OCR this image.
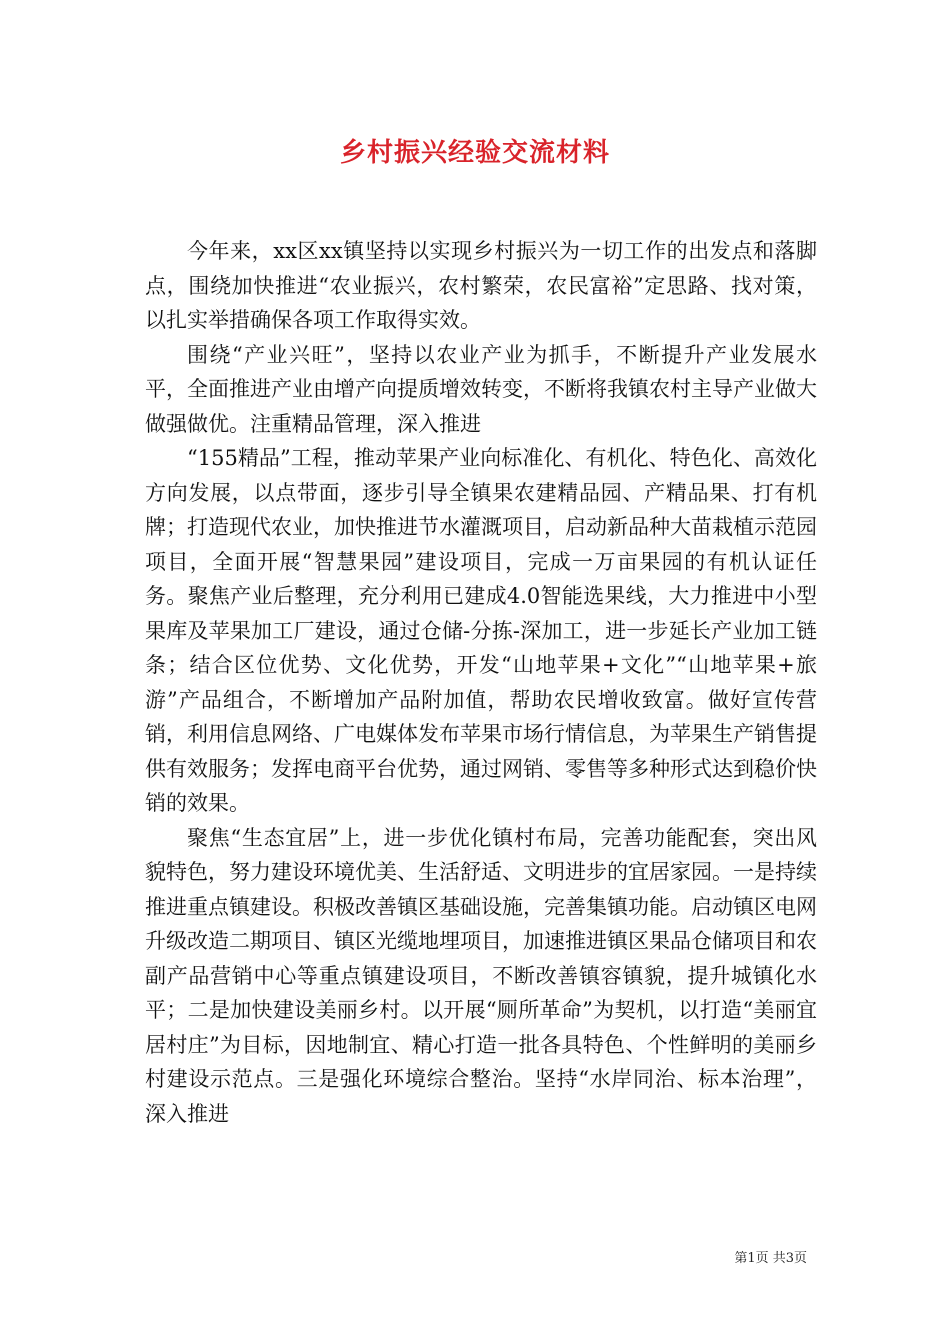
乡村振兴经验交流材料

今年来，xx区xx镇坚持以实现乡村振兴为一切工作的出发点和落脚点，围绕加快推进“农业振兴，农村繁荣，农民富裕”定思路、找对策，以扎实举措确保各项工作取得实效。

围绕“产业兴旺”，坚持以农业产业为抓手，不断提升产业发展水平，全面推进产业由增产向提质增效转变，不断将我镇农村主导产业做大做强做优。注重精品管理，深入推进

“155精品”工程，推动苹果产业向标准化、有机化、特色化、高效化方向发展，以点带面，逐步引导全镇果农建精品园、产精品果、打有机牌；打造现代农业，加快推进节水灌溉项目，启动新品种大苗栽植示范园项目，全面开展“智慧果园”建设项目，完成一万亩果园的有机认证任务。聚焦产业后整理，充分利用已建成4.0智能选果线，大力推进中小型果库及苹果加工厂建设，通过仓储-分拣-深加工，进一步延长产业加工链条；结合区位优势、文化优势，开发“山地苹果+文化”“山地苹果+旅游”产品组合，不断增加产品附加值，帮助农民增收致富。做好宣传营销，利用信息网络、广电媒体发布苹果市场行情信息，为苹果生产销售提供有效服务；发挥电商平台优势，通过网销、零售等多种形式达到稳价快销的效果。

聚焦“生态宜居”上，进一步优化镇村布局，完善功能配套，突出风貌特色，努力建设环境优美、生活舒适、文明进步的宜居家园。一是持续推进重点镇建设。积极改善镇区基础设施，完善集镇功能。启动镇区电网升级改造二期项目、镇区光缆地埋项目，加速推进镇区果品仓储项目和农副产品营销中心等重点镇建设项目，不断改善镇容镇貌，提升城镇化水平；二是加快建设美丽乡村。以开展“厕所革命”为契机，以打造“美丽宜居村庄”为目标，因地制宜、精心打造一批各具特色、个性鲜明的美丽乡村建设示范点。三是强化环境综合整治。坚持“水岸同治、标本治理”，深入推进

第1页 共3页
